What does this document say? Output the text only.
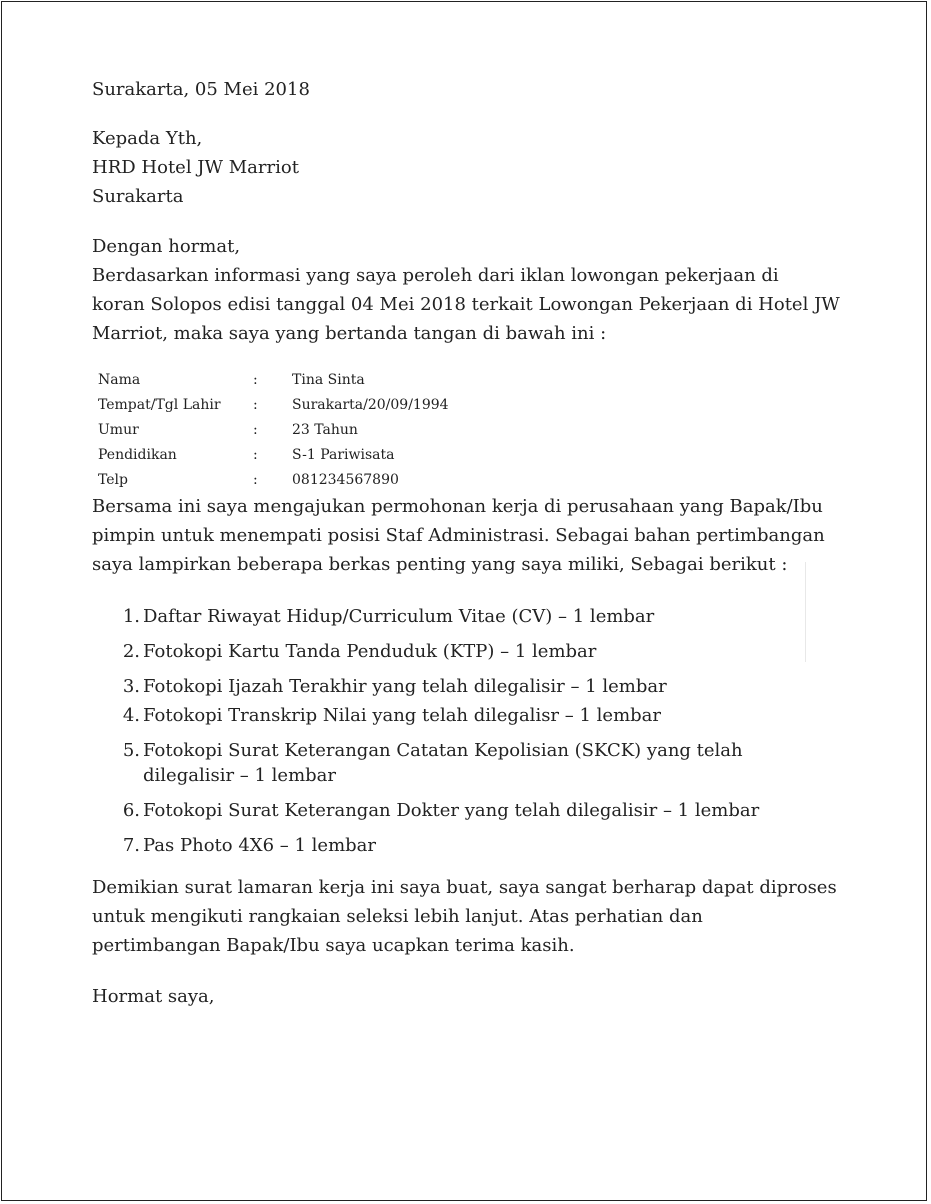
Surakarta, 05 Mei 2018

Kepada Yth,
HRD Hotel JW Marriot
Surakarta
Dengan hormat,
Berdasarkan informasi yang saya peroleh dari iklan lowongan pekerjaan di
koran Solopos edisi tanggal 04 Mei 2018 terkait Lowongan Pekerjaan di Hotel JW
Marriot, maka saya yang bertanda tangan di bawah ini :
Nama	: Tina Sinta
Tempat/Tgl Lahir : Surakarta/20/09/1994
Umur	: 23 Tahun
Pendidikan	: S-1 Pariwisata
Telp	: 081234567890
Bersama ini saya mengajukan permohonan kerja di perusahaan yang Bapak/Ibu
pimpin untuk menempati posisi Staf Administrasi. Sebagai bahan pertimbangan
saya lampirkan beberapa berkas penting yang saya miliki, Sebagai berikut :
1. Daftar Riwayat Hidup/Curriculum Vitae (CV) – 1 lembar
2. Fotokopi Kartu Tanda Penduduk (KTP) – 1 lembar
3. Fotokopi Ijazah Terakhir yang telah dilegalisir – 1 lembar
4. Fotokopi Transkrip Nilai yang telah dilegalisr – 1 lembar
5. Fotokopi Surat Keterangan Catatan Kepolisian (SKCK) yang telah
dilegalisir – 1 lembar
6. Fotokopi Surat Keterangan Dokter yang telah dilegalisir – 1 lembar
7. Pas Photo 4X6 – 1 lembar
Demikian surat lamaran kerja ini saya buat, saya sangat berharap dapat diproses
untuk mengikuti rangkaian seleksi lebih lanjut. Atas perhatian dan
pertimbangan Bapak/Ibu saya ucapkan terima kasih.

Hormat saya,
